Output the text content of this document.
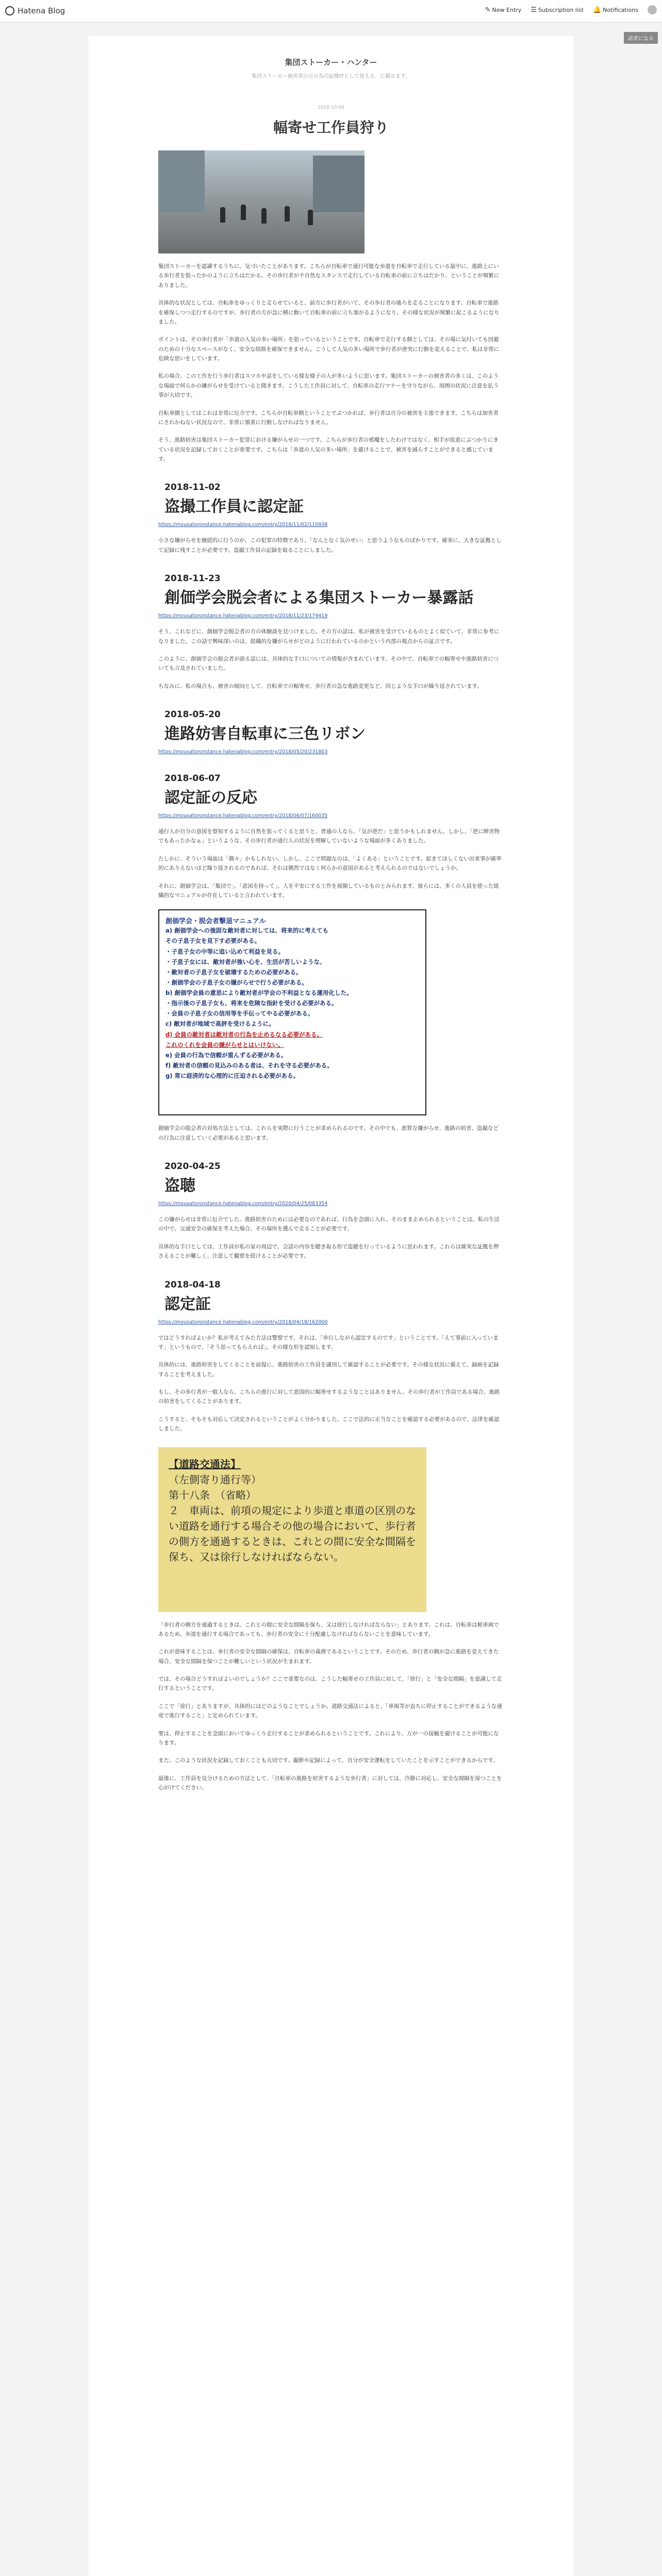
Hatena Blog	✎ New Entry ☰ Subscription list 🔔 Notifications
読者になる
集団ストーカー・ハンター
集団ストーカー被害者の方の為の証拠ITとして使える、に載せます。
2018-10-06
幅寄せ工作員狩り

集団ストーカーを認識するうちに、気づいたことがあります。こちらが自転車で通行可能な歩道を自転車で走行している最中に、進路上にいる歩行者を狙ったかのように立ちはだかる。その歩行者が不自然なスタンスで走行している自転車の前に立ちはだかり、ということが頻繁にありました。

具体的な状況としては、自転車をゆっくりと走らせていると、前方に歩行者がいて、その歩行者の後ろを走ることになります。自転車で進路を確保しつつ走行するのですが、歩行者の方が急に横に動いて自転車の前に立ち塞がるようになり、その様な状況が頻繁に起こるようになりました。

ポイントは、その歩行者が「歩道の人気の多い場所」を狙っているということです。自転車で走行する側としては、その場に気付いても回避のための十分なスペースがなく、安全な経路を確保できません。こうして人気の多い場所で歩行者が唐突に行動を変えることで、私は非常に危険な思いをしています。

私の場合、この工作を行う歩行者はスマホや話をしている様な様子の人が多いように思います。集団ストーカーの被害者の多くは、このような場面で何らかの嫌がらせを受けていると聞きます。こうした工作員に対して、自転車の走行マナーを守りながら、周囲の状況に注意を払う事が大切です。

自転車側としてはこれは非常に厄介です。こちらが自転車側ということでぶつかれば、歩行者は自分の被害を主張できます。こちらは加害者にされかねない状況なので、非常に慎重に行動しなければなりません。

そう、進路妨害は集団ストーカー犯罪における嫌がらせの一つです。こちらが歩行者の邪魔をしたわけではなく、相手が故意にぶつかりにきている状況を記録しておくことが重要です。こちらは「歩道の人気の多い場所」を避けることで、被害を減らすことができると感じています。

2018-11-02
盗撮工作員に認定証
https://mousatoronstance.hatenablog.com/entry/2018/11/02/110938

小さな嫌がらせを継続的に行うのが、この犯罪の特徴であり、「なんとなく気のせい」と思うようなものばかりです。確実に、大きな証拠として記録に残すことが必要です。盗撮工作員の記録を取ることにしました。

2018-11-23
創価学会脱会者による集団ストーカー暴露話
https://mousatoronstance.hatenablog.com/entry/2018/11/23/174419

そう、これなどに、創価学会脱会者の方の体験談を見つけました。その方の話は、私が被害を受けているものとよく似ていて、非常に参考になりました。この話で興味深いのは、組織的な嫌がらせがどのように行われているのかという内部の視点からの証言です。

このように、創価学会の脱会者が語る話には、具体的な手口についての情報が含まれています。その中で、自転車での幅寄せや進路妨害についても言及されていました。

ちなみに、私の場合も、被害の傾向として、自転車での幅寄せ、歩行者の急な進路変更など、同じような手口が繰り返されています。

2018-05-20
進路妨害自転車に三色リボン
https://mousatoronstance.hatenablog.com/entry/2018/05/20/231803
2018-06-07
認定証の反応
https://mousatoronstance.hatenablog.com/entry/2018/06/07/160035

通行人が自分の意図を察知するように自然を装ってくると思うと、普通の人なら、「気が逆だ」と思うかもしれません。しかし、「逆に障害物でもあったかなぁ」というような、その歩行者が通行人の状況を理解していないような場面が多くありました。

たしかに、そういう場面は「偶々」かもしれない。しかし、ここで問題なのは、「よくある」ということです。起きてほしくない出来事が確率的にありえないほど繰り返されるのであれば、それは偶然ではなく何らかの意図があると考えられるのではないでしょうか。

それに、創価学会は、「集団で」、「意図を持って」、人を不安にする工作を展開しているものとみられます。彼らには、多くの人員を使った組織的なマニュアルが存在していると言われています。

創価学会・脱会者撃退マニュアル
a) 創価学会への強固な敵対者に対しては、将来的に考えても
その子息子女を見下す必要がある。
・子息子女の中等に追い込めて利益を見る。
・子息子女には、敵対者が強い心を、生活が苦しいような、
・敵対者の子息子女を破壊するための必要がある。
・創価学会の子息子女の嫌がらせで行う必要がある。
b) 創価学会員の意思により敵対者が学会の不利益となる運用化した。
・指示後の子息子女も、将来を危険な指針を受ける必要がある。
・会員の子息子女の信用等を手伝ってやる必要がある。
c) 敵対者が地域で高評を受けるように。
d) 会員の敵対者は敵対者の行為を止めるなる必要がある。
これのくれを会員の嫌がらせとはいけない。
e) 会員の行為で信頼が重んずる必要がある。
f) 敵対者の信頼の見込みのある者は、それを守る必要がある。
g) 常に経済的な心理的に圧迫される必要がある。

創価学会の脱会者の対処方法としては、これらを実際に行うことが求められるのです。その中でも、悪質な嫌がらせ、進路の妨害、盗撮などの行為に注意していく必要があると思います。

2020-04-25
盗聴
https://mousatoronstance.hatenablog.com/entry/2020/04/25/083354

この嫌がらせは非常に厄介でした。進路妨害のためには必要なのであれば、行為を念頭に入れ、そのまま止められるということは、私の生活の中で、交通安全の確保を考えた場合、その場所を選んで走ることが必要です。

具体的な手口としては、工作員が私の家の周辺で、会話の内容を聴き取る形で盗聴を行っているように思われます。これらは確実な証拠を押さえることが難しく、注意して観察を続けることが必要です。

2018-04-18
認定証
https://mousatoronstance.hatenablog.com/entry/2018/04/18/162000

ではどうすればよいか？私が考えてみた方法は警察です。それは、「歩行しながら認定するのです」ということです。「えて事前に入っています」というもので、「そう思ってもらえれば」、その様な形を認知します。

具体的には、進路妨害をしてくることを前提に、進路妨害の工作員を識別して確認することが必要です。その様な状況に備えて、録画を記録することを考えました。

もし、その歩行者が一般人なら、こちらの進行に対して意図的に幅寄せするようなことはありません。その歩行者が工作員である場合、進路の妨害をしてくることがあります。

こうすると、そもそも対応して決定されるということがよく分かりました。ここで法的に正当なことを確認する必要があるので、法律を確認しました。

【道路交通法】
（左側寄り通行等）
第十八条　（省略）
２　車両は、前項の規定により歩道と車道の区別のない道路を通行する場合その他の場合において、歩行者の側方を通過するときは、これとの間に安全な間隔を保ち、又は徐行しなければならない。

「歩行者の側方を通過するときは、これとの間に安全な間隔を保ち、又は徐行しなければならない」とあります。これは、自転車は軽車両であるため、歩道を通行する場合であっても、歩行者の安全に十分配慮しなければならないことを意味しています。

これが意味することは、歩行者の安全な間隔の確保は、自転車の義務であるということです。そのため、歩行者の側が急に進路を変えてきた場合、安全な間隔を保つことが難しいという状況が生まれます。

では、その場合どうすればよいのでしょうか？ここで重要なのは、こうした幅寄せの工作員に対して、「徐行」と「安全な間隔」を意識して走行するということです。

ここで「徐行」とありますが、具体的にはどのようなことでしょうか。道路交通法によると、「車両等が直ちに停止することができるような速度で進行すること」と定められています。

要は、停止することを念頭においてゆっくり走行することが求められるということです。これにより、万が一の接触を避けることが可能になります。

また、このような状況を記録しておくことも大切です。撮影や記録によって、自分が安全運転をしていたことを示すことができるからです。

最後に、工作員を見分けるための方法として、「自転車の進路を妨害するような歩行者」に対しては、冷静に対応し、安全な間隔を保つことを心がけてください。
